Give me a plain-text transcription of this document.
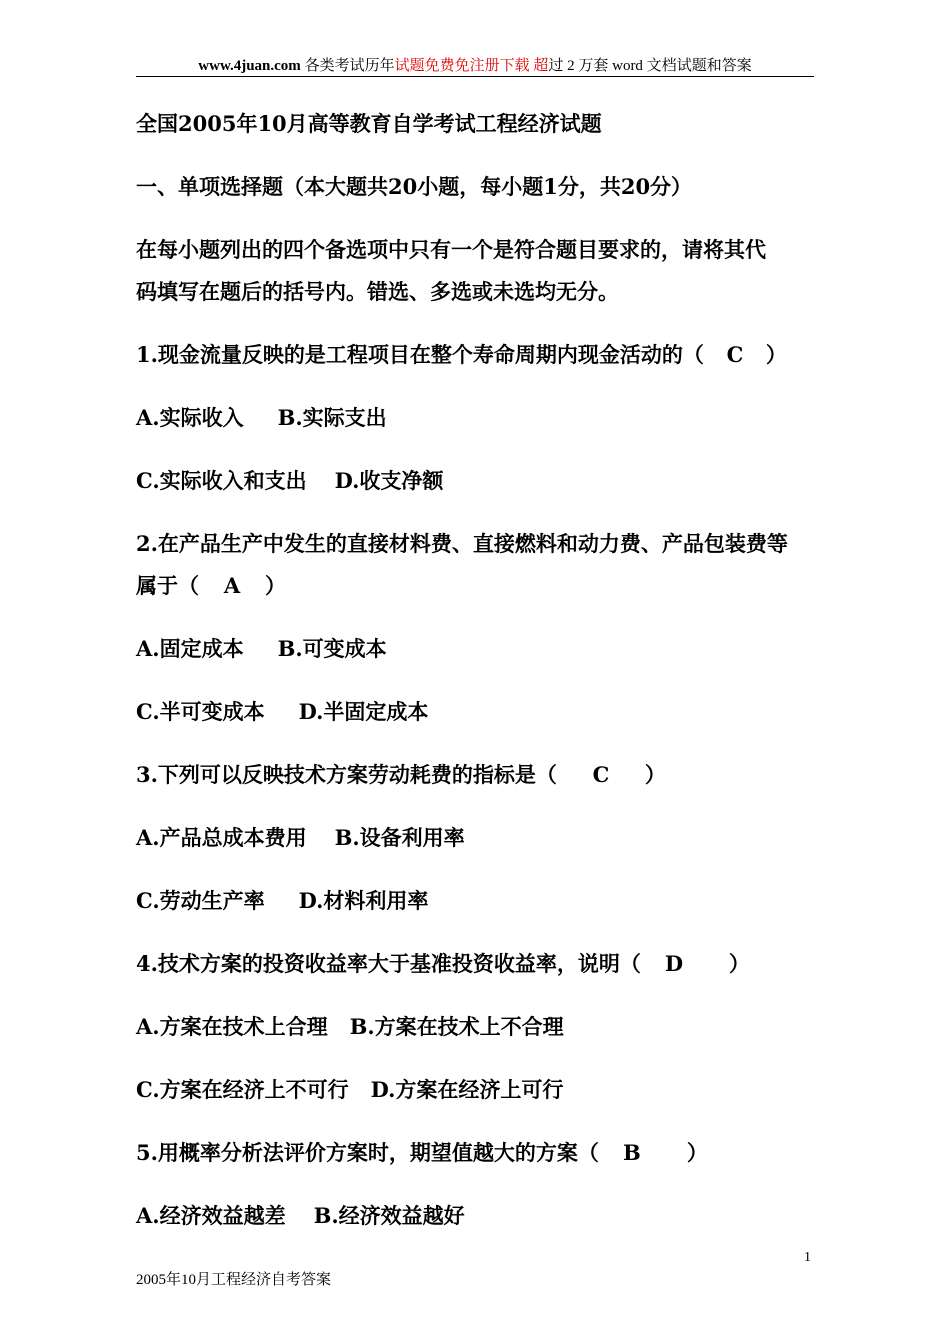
www.4juan.com 各类考试历年试题免费免注册下载 超过 2 万套 word 文档试题和答案
全国2005年10月高等教育自学考试工程经济试题
一、单项选择题（本大题共20小题，每小题1分，共20分）
在每小题列出的四个备选项中只有一个是符合题目要求的，请将其代
码填写在题后的括号内。错选、多选或未选均无分。
1.现金流量反映的是工程项目在整个寿命周期内现金活动的（ C ）
A.实际收入 B.实际支出
C.实际收入和支出 D.收支净额
2.在产品生产中发生的直接材料费、直接燃料和动力费、产品包装费等
属于（ A ）
A.固定成本 B.可变成本
C.半可变成本 D.半固定成本
3.下列可以反映技术方案劳动耗费的指标是（ C ）
A.产品总成本费用 B.设备利用率
C.劳动生产率 D.材料利用率
4.技术方案的投资收益率大于基准投资收益率，说明（ D ）
A.方案在技术上合理 B.方案在技术上不合理
C.方案在经济上不可行 D.方案在经济上可行
5.用概率分析法评价方案时，期望值越大的方案（ B ）
A.经济效益越差 B.经济效益越好
1
2005年10月工程经济自考答案
